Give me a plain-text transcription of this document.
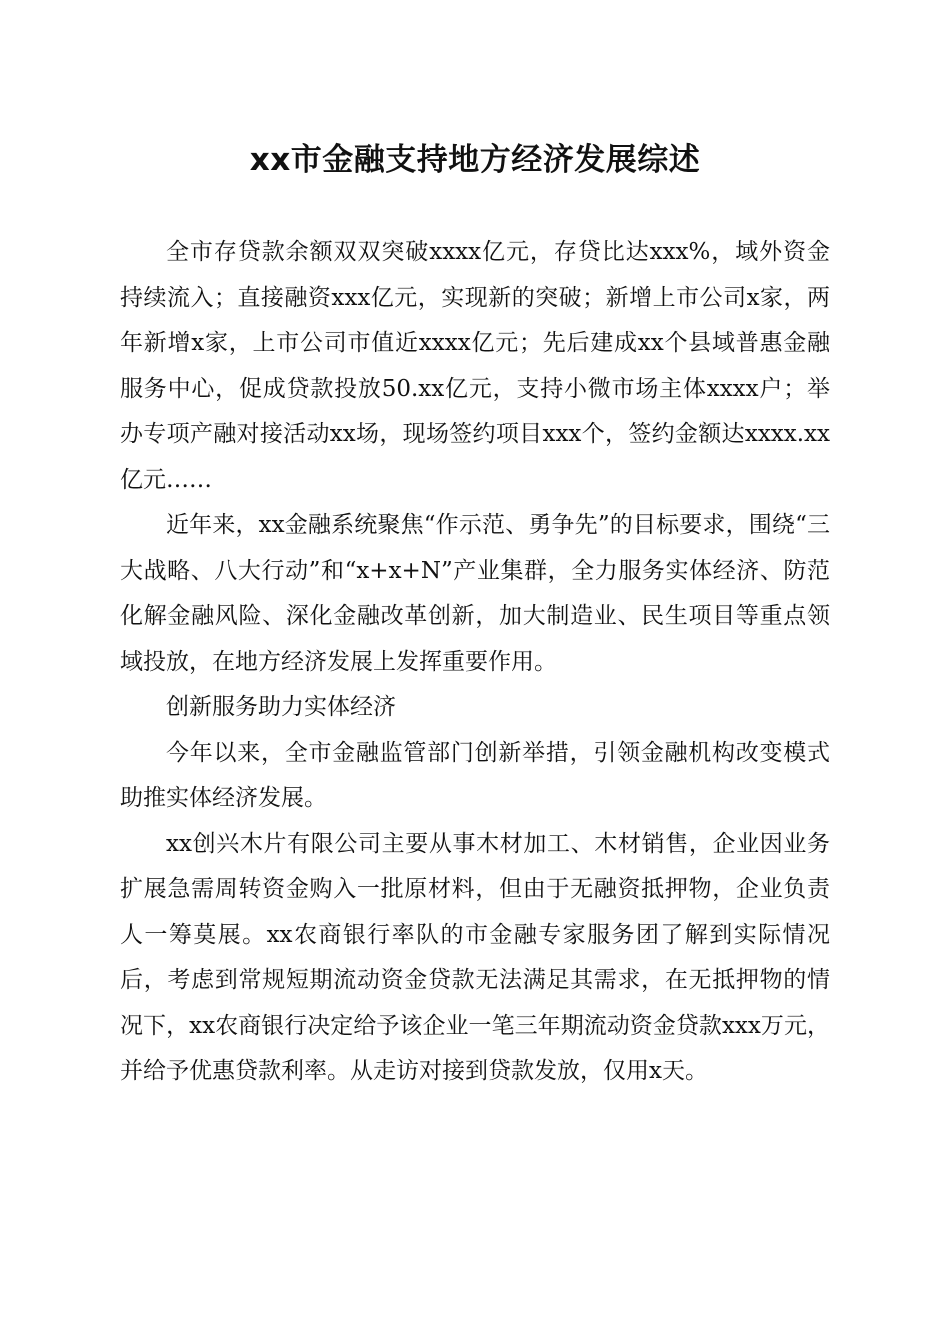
xx市金融支持地方经济发展综述

全市存贷款余额双双突破xxxx亿元，存贷比达xxx%，域外资金持续流入；直接融资xxx亿元，实现新的突破；新增上市公司x家，两年新增x家，上市公司市值近xxxx亿元；先后建成xx个县域普惠金融服务中心，促成贷款投放50.xx亿元，支持小微市场主体xxxx户；举办专项产融对接活动xx场，现场签约项目xxx个，签约金额达xxxx.xx亿元……

近年来，xx金融系统聚焦“作示范、勇争先”的目标要求，围绕“三大战略、八大行动”和“x+x+N”产业集群，全力服务实体经济、防范化解金融风险、深化金融改革创新，加大制造业、民生项目等重点领域投放，在地方经济发展上发挥重要作用。

创新服务助力实体经济

今年以来，全市金融监管部门创新举措，引领金融机构改变模式助推实体经济发展。

xx创兴木片有限公司主要从事木材加工、木材销售，企业因业务扩展急需周转资金购入一批原材料，但由于无融资抵押物，企业负责人一筹莫展。xx农商银行率队的市金融专家服务团了解到实际情况后，考虑到常规短期流动资金贷款无法满足其需求，在无抵押物的情况下，xx农商银行决定给予该企业一笔三年期流动资金贷款xxx万元，并给予优惠贷款利率。从走访对接到贷款发放，仅用x天。
